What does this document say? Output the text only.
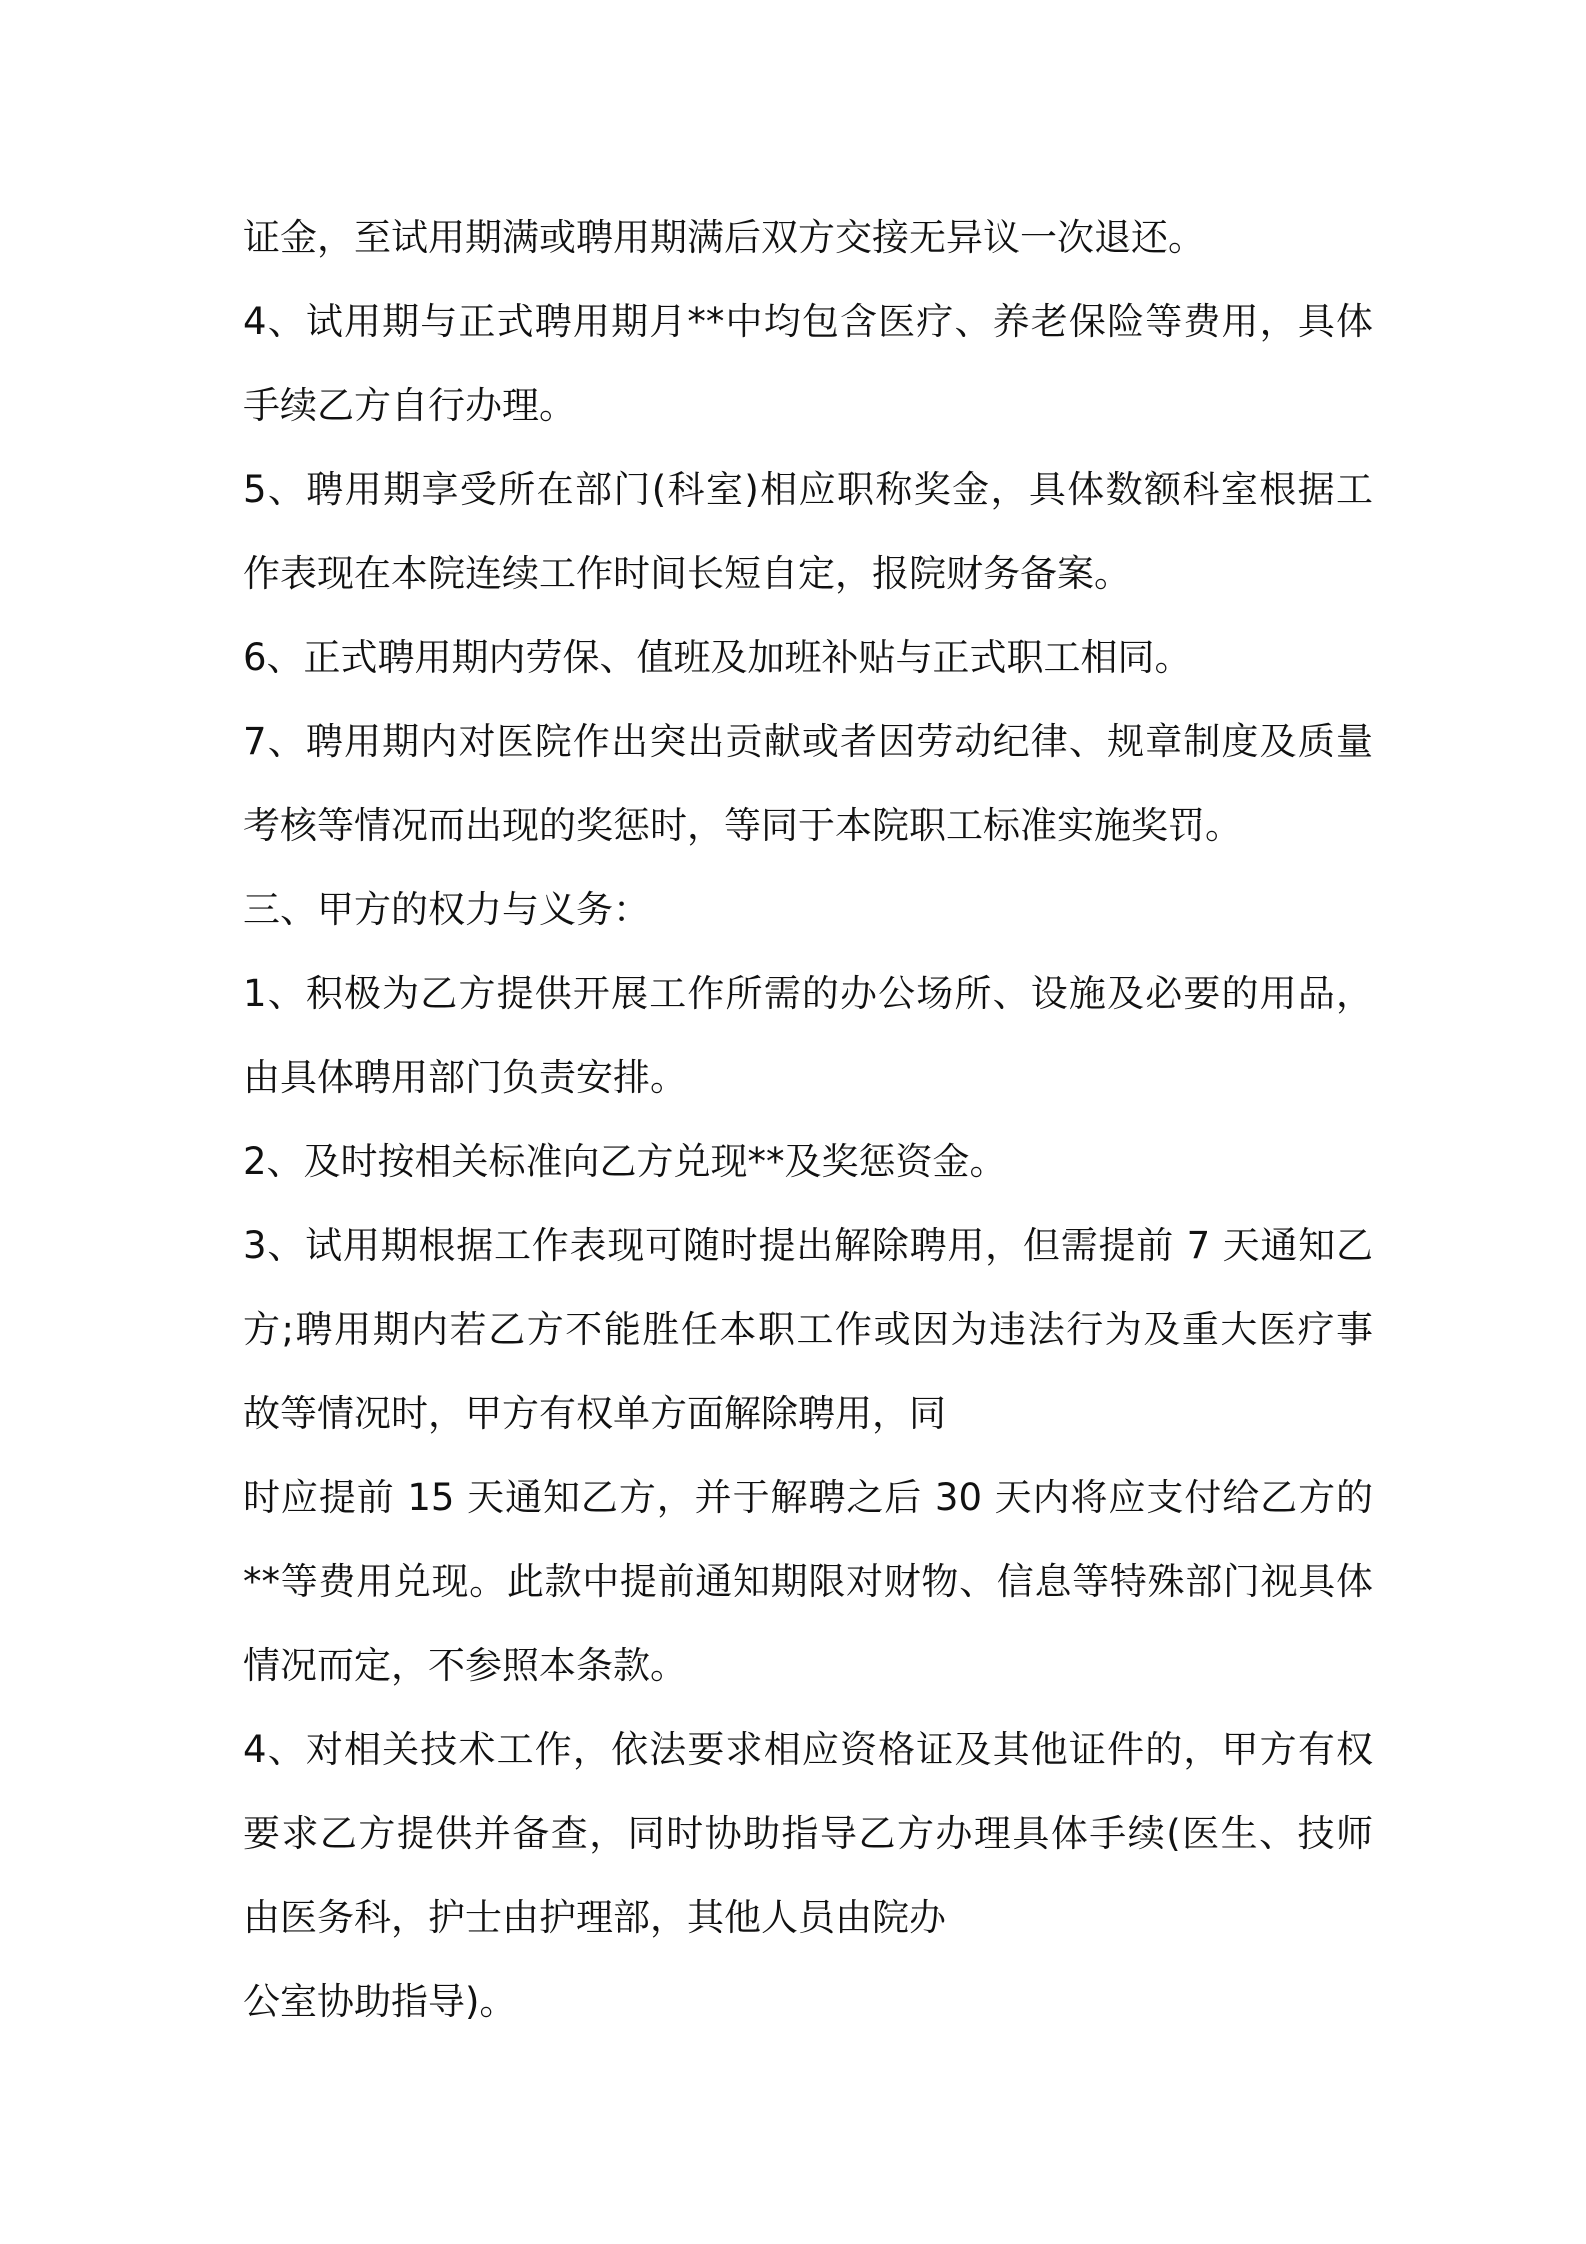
证金，至试用期满或聘用期满后双方交接无异议一次退还。
4、试用期与正式聘用期月**中均包含医疗、养老保险等费用，具体
手续乙方自行办理。
5、聘用期享受所在部门(科室)相应职称奖金，具体数额科室根据工
作表现在本院连续工作时间长短自定，报院财务备案。
6、正式聘用期内劳保、值班及加班补贴与正式职工相同。
7、聘用期内对医院作出突出贡献或者因劳动纪律、规章制度及质量
考核等情况而出现的奖惩时，等同于本院职工标准实施奖罚。
三、甲方的权力与义务：
1、积极为乙方提供开展工作所需的办公场所、设施及必要的用品，
由具体聘用部门负责安排。
2、及时按相关标准向乙方兑现**及奖惩资金。
3、试用期根据工作表现可随时提出解除聘用，但需提前 7 天通知乙
方;聘用期内若乙方不能胜任本职工作或因为违法行为及重大医疗事
故等情况时，甲方有权单方面解除聘用，同
时应提前 15 天通知乙方，并于解聘之后 30 天内将应支付给乙方的
**等费用兑现。此款中提前通知期限对财物、信息等特殊部门视具体
情况而定，不参照本条款。
4、对相关技术工作，依法要求相应资格证及其他证件的，甲方有权
要求乙方提供并备查，同时协助指导乙方办理具体手续(医生、技师
由医务科，护士由护理部，其他人员由院办
公室协助指导)。
